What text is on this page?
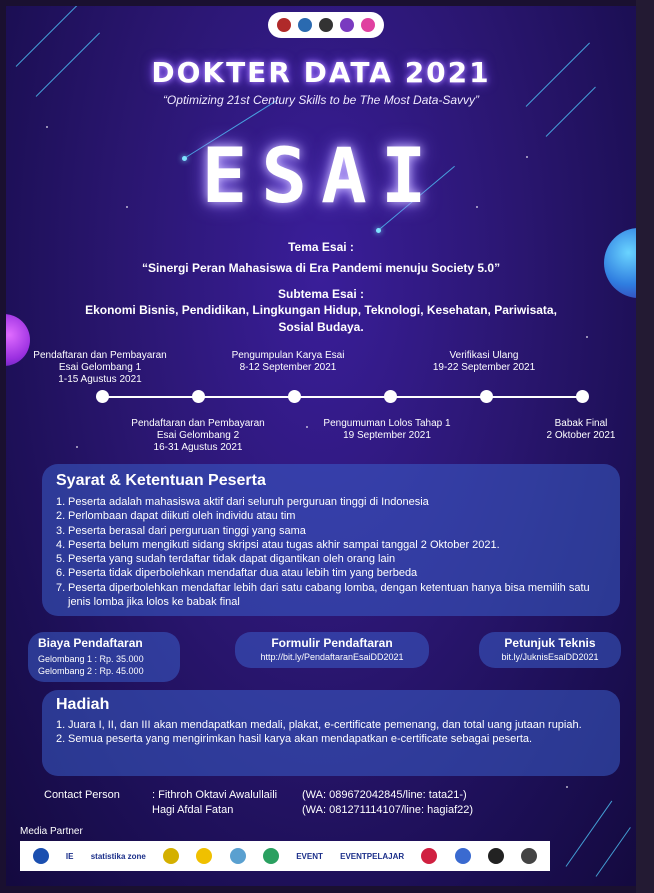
DOKTER DATA 2021
“Optimizing 21st Century Skills to be The Most Data-Savvy”
ESAI
Tema Esai :
“Sinergi Peran Mahasiswa di Era Pandemi menuju Society 5.0”
Subtema Esai :
Ekonomi Bisnis, Pendidikan, Lingkungan Hidup, Teknologi, Kesehatan, Pariwisata, Sosial Budaya.
Pendaftaran dan Pembayaran
Esai Gelombang 1
1-15 Agustus 2021
Pengumpulan Karya Esai
8-12 September 2021
Verifikasi Ulang
19-22 September 2021
Pendaftaran dan Pembayaran
Esai Gelombang 2
16-31 Agustus 2021
Pengumuman Lolos Tahap 1
19 September 2021
Babak Final
2 Oktober 2021
Syarat & Ketentuan Peserta
1. Peserta adalah mahasiswa aktif dari seluruh perguruan tinggi di Indonesia
2. Perlombaan dapat diikuti oleh individu atau tim
3. Peserta berasal dari perguruan tinggi yang sama
4. Peserta belum mengikuti sidang skripsi atau tugas akhir sampai tanggal 2 Oktober 2021.
5. Peserta yang sudah terdaftar tidak dapat digantikan oleh orang lain
6. Peserta tidak diperbolehkan mendaftar dua atau lebih tim yang berbeda
7. Peserta diperbolehkan mendaftar lebih dari satu cabang lomba, dengan ketentuan hanya bisa memilih satu jenis lomba jika lolos ke babak final
Biaya Pendaftaran
Gelombang 1 : Rp. 35.000
Gelombang 2 : Rp. 45.000
Formulir Pendaftaran
http://bit.ly/PendaftaranEsaiDD2021
Petunjuk Teknis
bit.ly/JuknisEsaiDD2021
Hadiah
1. Juara I, II, dan III akan mendapatkan medali, plakat, e-certificate pemenang, dan total uang jutaan rupiah.
2. Semua peserta yang mengirimkan hasil karya akan mendapatkan e-certificate sebagai peserta.
Contact Person	: Fithroh Oktavi Awalullaili	(WA: 089672042845/line: tata21-)
Hagi Afdal Fatan	(WA: 081271114107/line: hagiaf22)
Media Partner
IE statistika zone	EVENT EVENTPELAJAR
